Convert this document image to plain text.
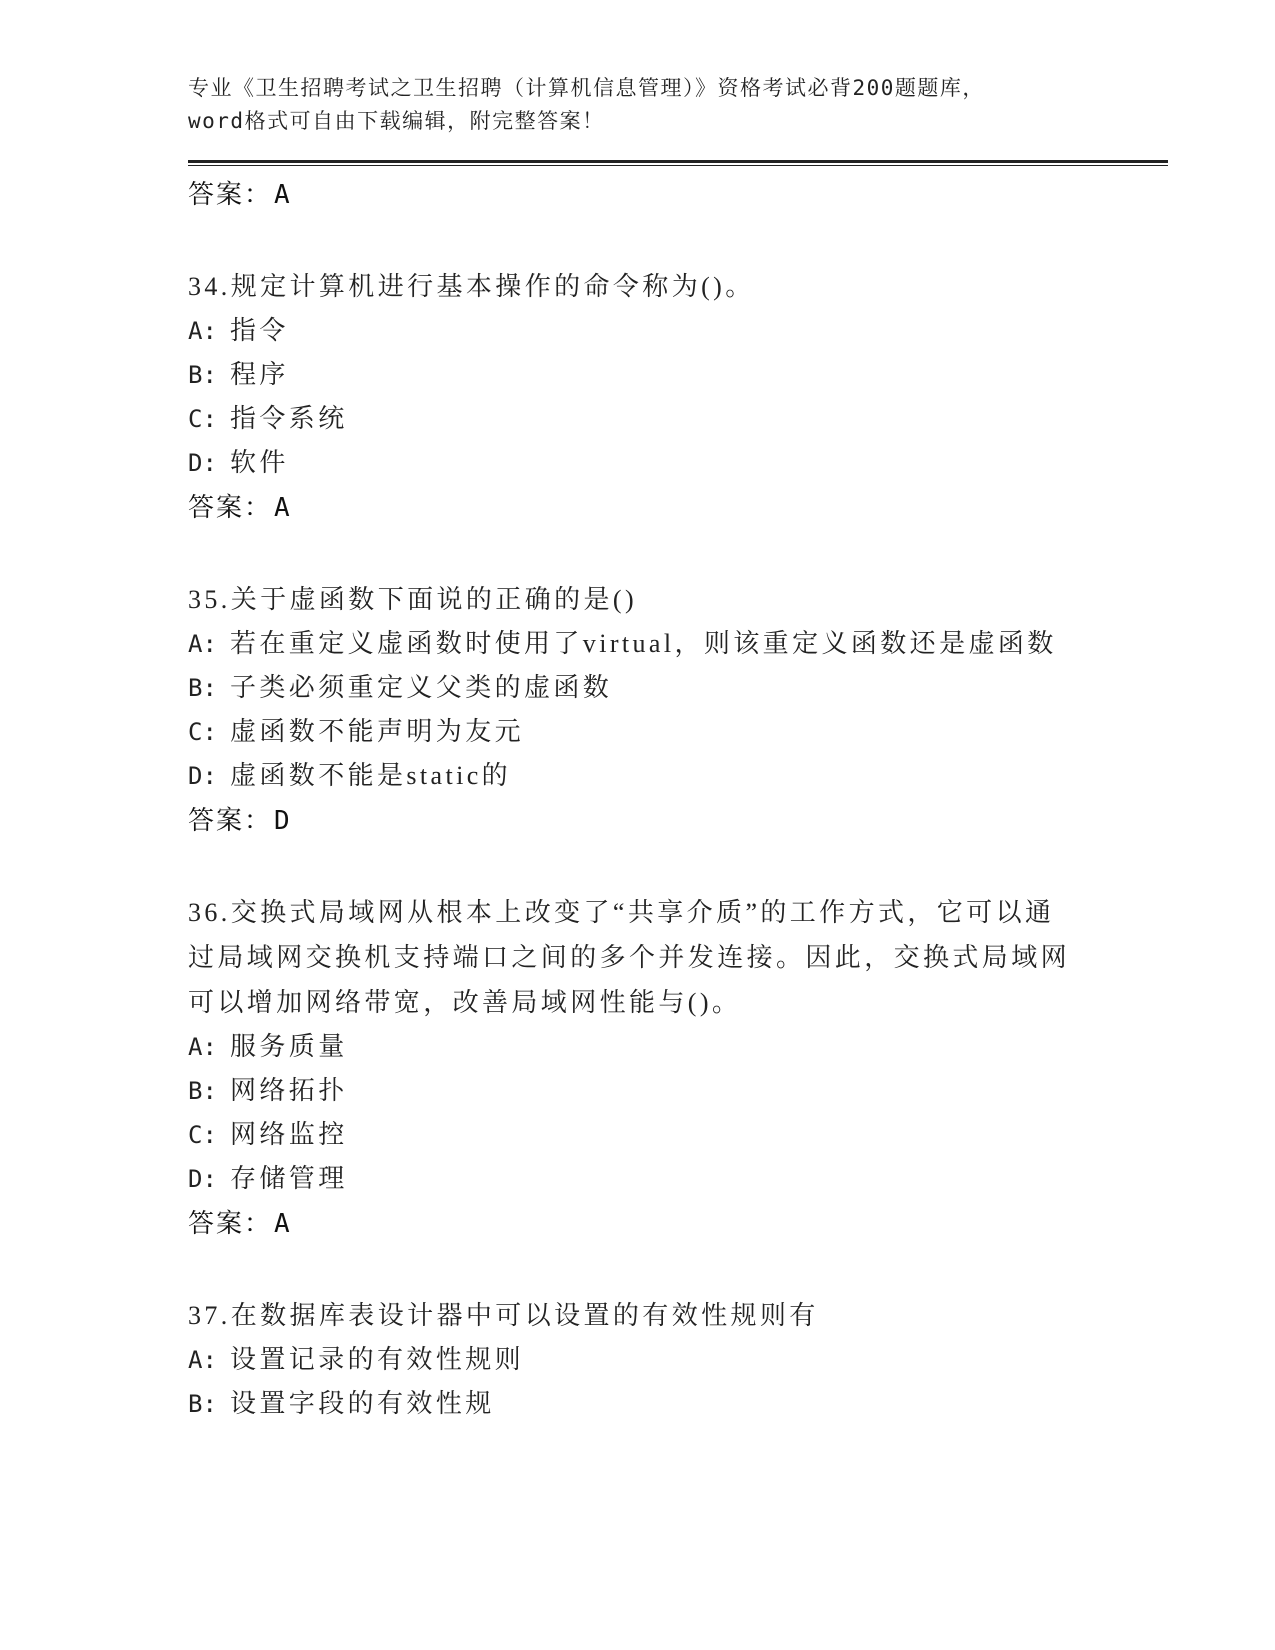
专业《卫生招聘考试之卫生招聘（计算机信息管理）》资格考试必背200题题库，
word格式可自由下载编辑，附完整答案！
答案：A

34.规定计算机进行基本操作的命令称为()。

A: 指令
B: 程序
C: 指令系统
D: 软件
答案：A

35.关于虚函数下面说的正确的是()

A: 若在重定义虚函数时使用了virtual，则该重定义函数还是虚函数
B: 子类必须重定义父类的虚函数
C: 虚函数不能声明为友元
D: 虚函数不能是static的
答案：D

36.交换式局域网从根本上改变了“共享介质”的工作方式，它可以通

过局域网交换机支持端口之间的多个并发连接。因此，交换式局域网

可以增加网络带宽，改善局域网性能与()。

A: 服务质量
B: 网络拓扑
C: 网络监控
D: 存储管理
答案：A

37.在数据库表设计器中可以设置的有效性规则有

A: 设置记录的有效性规则
B: 设置字段的有效性规
